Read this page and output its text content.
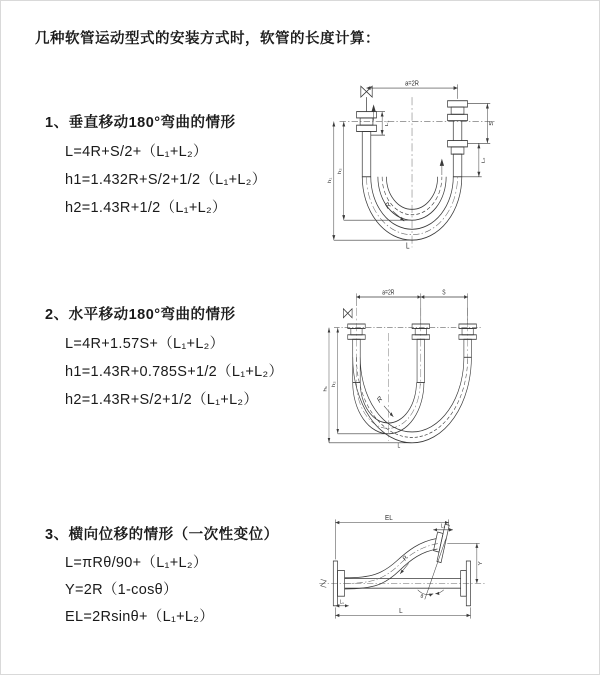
几种软管运动型式的安装方式时，软管的长度计算：
1、垂直移动180°弯曲的情形
L=4R+S/2+（L₁+L₂）
h1=1.432R+S/2+1/2（L₁+L₂）
h2=1.43R+1/2（L₁+L₂）
2、水平移动180°弯曲的情形
L=4R+1.57S+（L₁+L₂）
h1=1.43R+0.785S+1/2（L₁+L₂）
h2=1.43R+S/2+1/2（L₁+L₂）
3、横向位移的情形（一次性变位）
L=πRθ/90+（L₁+L₂）
Y=2R（1-cosθ）
EL=2Rsinθ+（L₁+L₂）
a=2R
L₁
h₁
h₂
S
L₂
R
L
a=2R	S
h₁
h₂
R
L
θ
EL
L₂
Y
L₁
L
R
